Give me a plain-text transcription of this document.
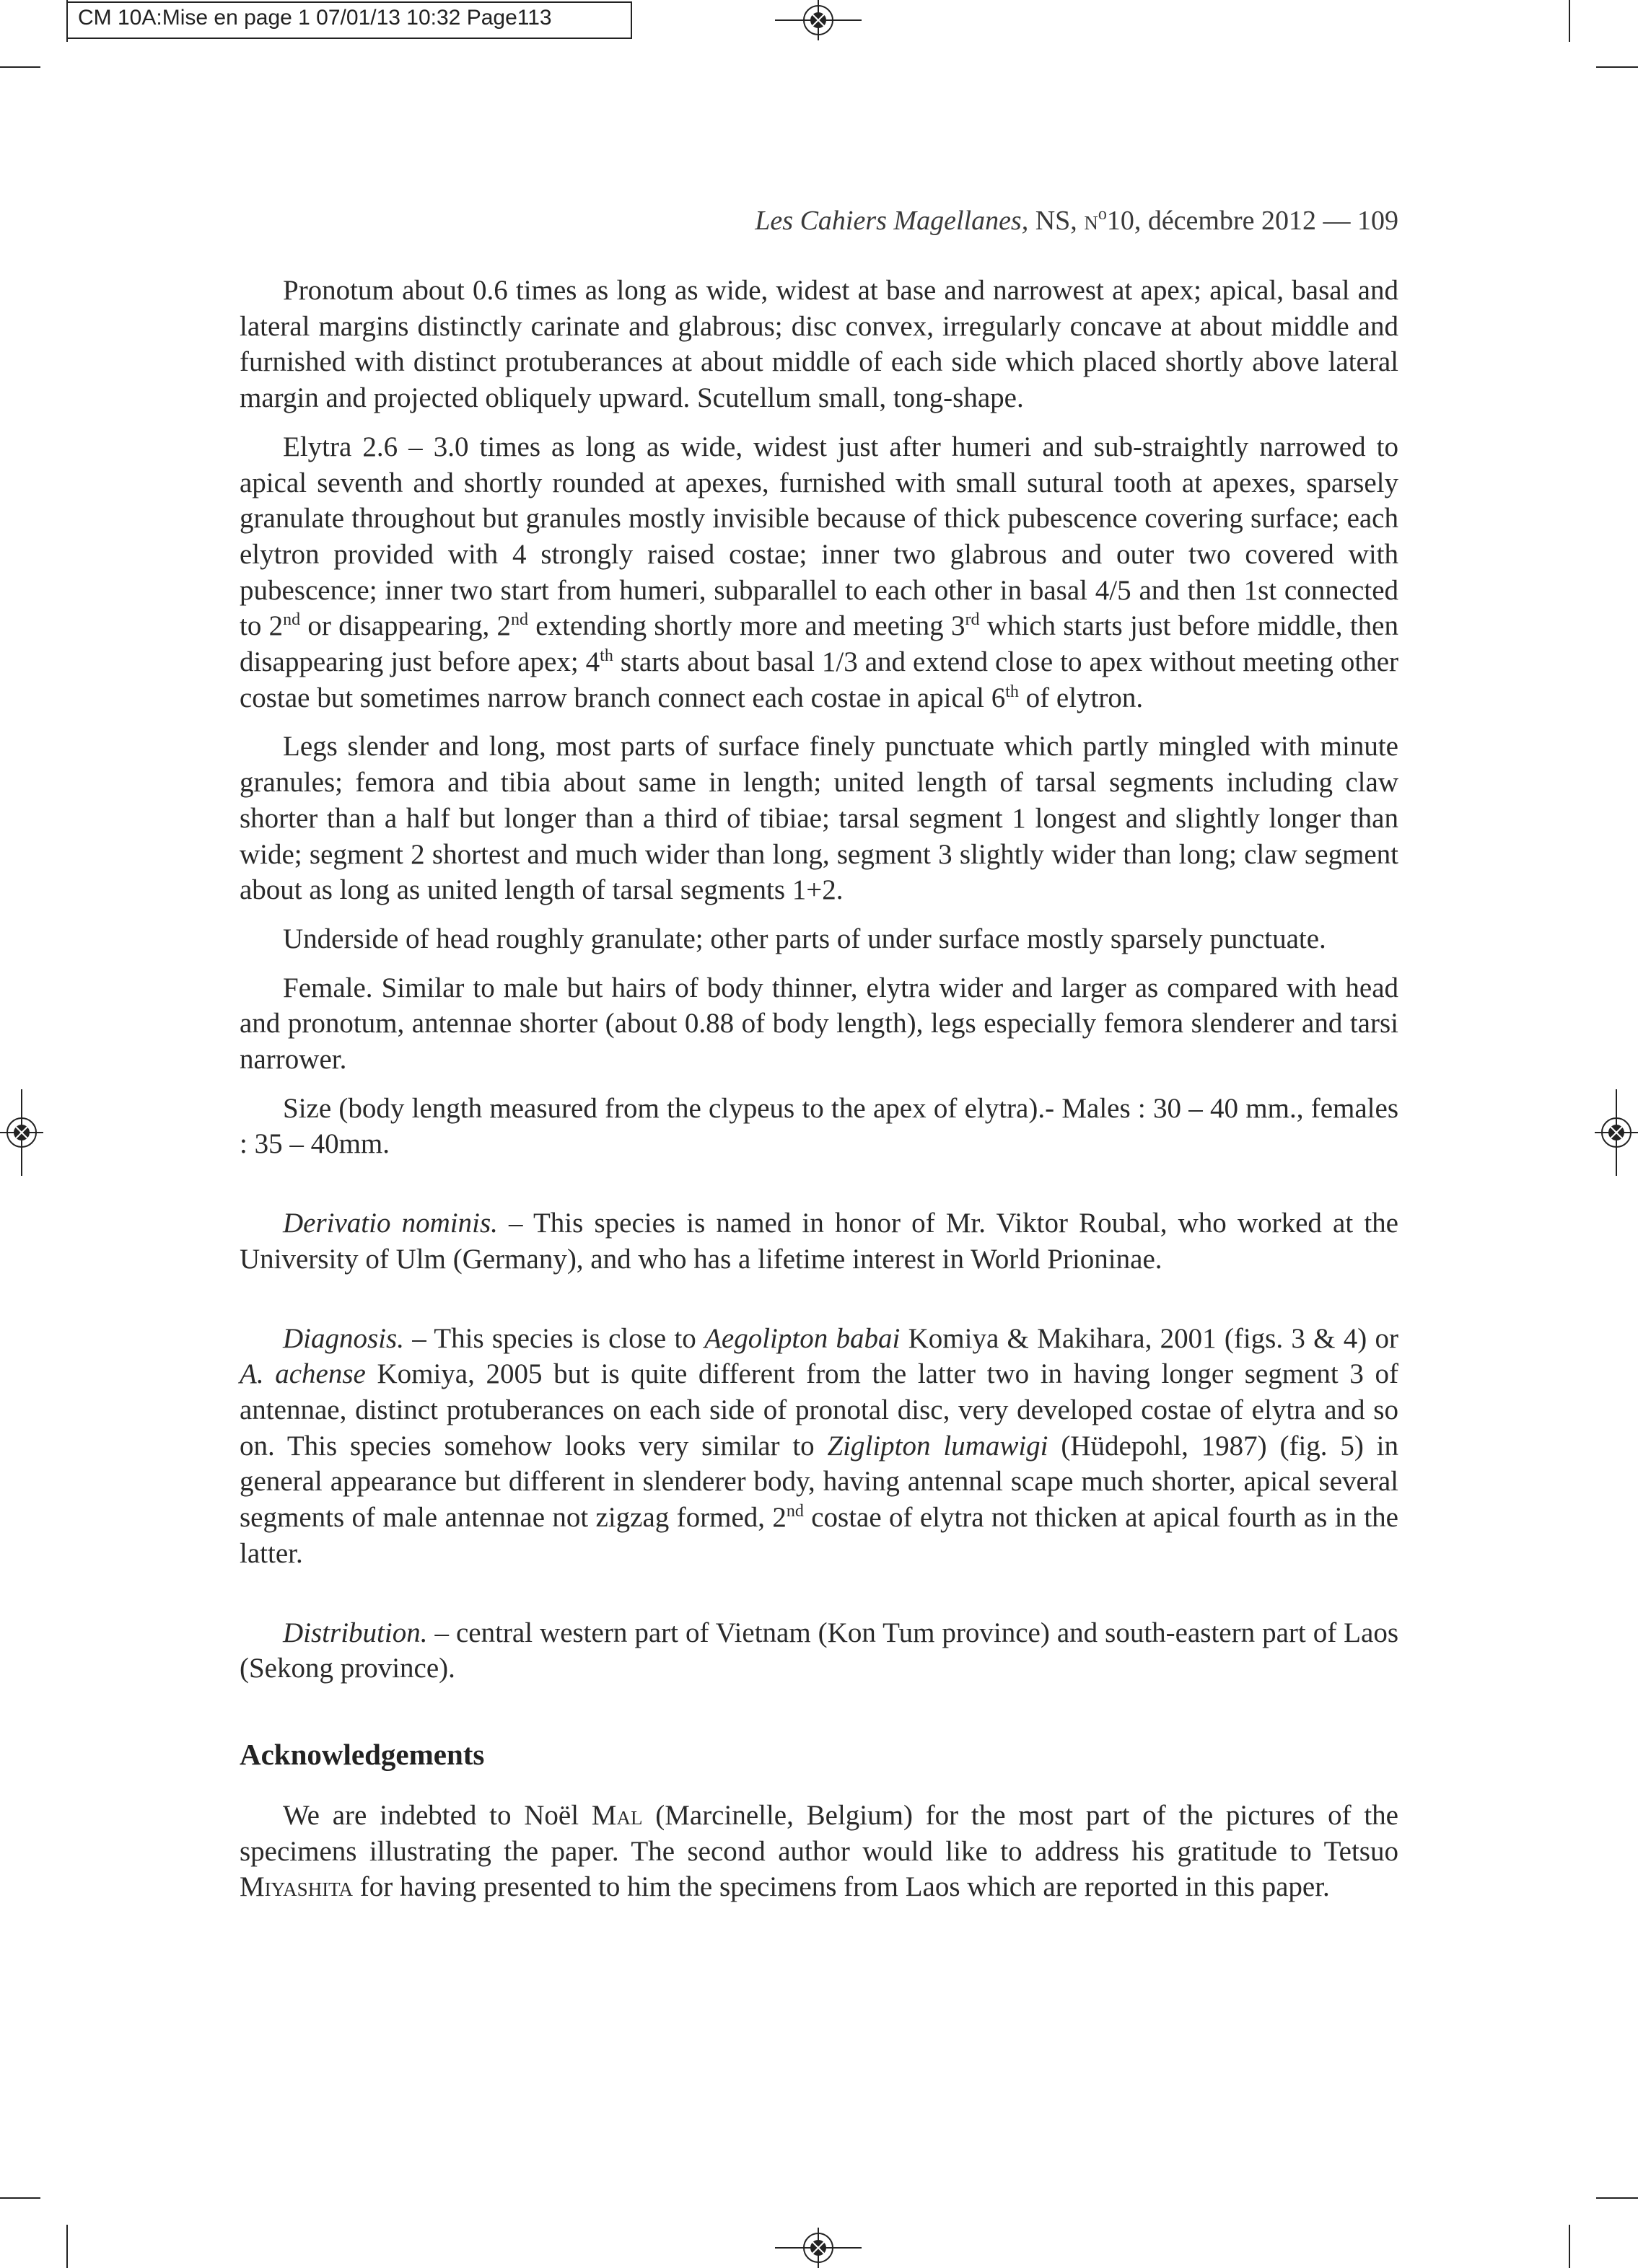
CM 10A:Mise en page 1 07/01/13 10:32 Page113
Les Cahiers Magellanes, NS, $n^o10$, décembre 2012 — 109

Pronotum about 0.6 times as long as wide, widest at base and narrowest at apex; apical, basal and lateral margins distinctly carinate and glabrous; disc convex, irregularly concave at about middle and furnished with distinct protuberances at about middle of each side which placed shortly above lateral margin and projected obliquely upward. Scutellum small, tong-shape.

Elytra 2.6 – 3.0 times as long as wide, widest just after humeri and sub-straightly narrowed to apical seventh and shortly rounded at apexes, furnished with small sutural tooth at apexes, sparsely granulate throughout but granules mostly invisible because of thick pubescence covering surface; each elytron provided with 4 strongly raised costae; inner two glabrous and outer two covered with pubescence; inner two start from humeri, subparallel to each other in basal 4/5 and then 1st connected to 2nd or disappearing, 2nd extending shortly more and meeting 3rd which starts just before middle, then disappearing just before apex; 4th starts about basal 1/3 and extend close to apex without meeting other costae but sometimes narrow branch connect each costae in apical 6th of elytron.

Legs slender and long, most parts of surface finely punctuate which partly mingled with minute granules; femora and tibia about same in length; united length of tarsal segments including claw shorter than a half but longer than a third of tibiae; tarsal segment 1 longest and slightly longer than wide; segment 2 shortest and much wider than long, segment 3 slightly wider than long; claw segment about as long as united length of tarsal segments 1+2.

Underside of head roughly granulate; other parts of under surface mostly sparsely punctuate.

Female. Similar to male but hairs of body thinner, elytra wider and larger as compared with head and pronotum, antennae shorter (about 0.88 of body length), legs especially femora slenderer and tarsi narrower.

Size (body length measured from the clypeus to the apex of elytra).- Males : 30 – 40 mm., females : 35 – 40mm.

Derivatio nominis. – This species is named in honor of Mr. Viktor Roubal, who worked at the University of Ulm (Germany), and who has a lifetime interest in World Prioninae.

Diagnosis. – This species is close to Aegolipton babai Komiya & Makihara, 2001 (figs. 3 & 4) or A. achense Komiya, 2005 but is quite different from the latter two in having longer segment 3 of antennae, distinct protuberances on each side of pronotal disc, very developed costae of elytra and so on. This species somehow looks very similar to Ziglipton lumawigi (Hüdepohl, 1987) (fig. 5) in general appearance but different in slenderer body, having antennal scape much shorter, apical several segments of male antennae not zigzag formed, 2nd costae of elytra not thicken at apical fourth as in the latter.

Distribution. – central western part of Vietnam (Kon Tum province) and south-eastern part of Laos (Sekong province).

Acknowledgements

We are indebted to Noël Mal (Marcinelle, Belgium) for the most part of the pictures of the specimens illustrating the paper. The second author would like to address his gratitude to Tetsuo Miyashita for having presented to him the specimens from Laos which are reported in this paper.
